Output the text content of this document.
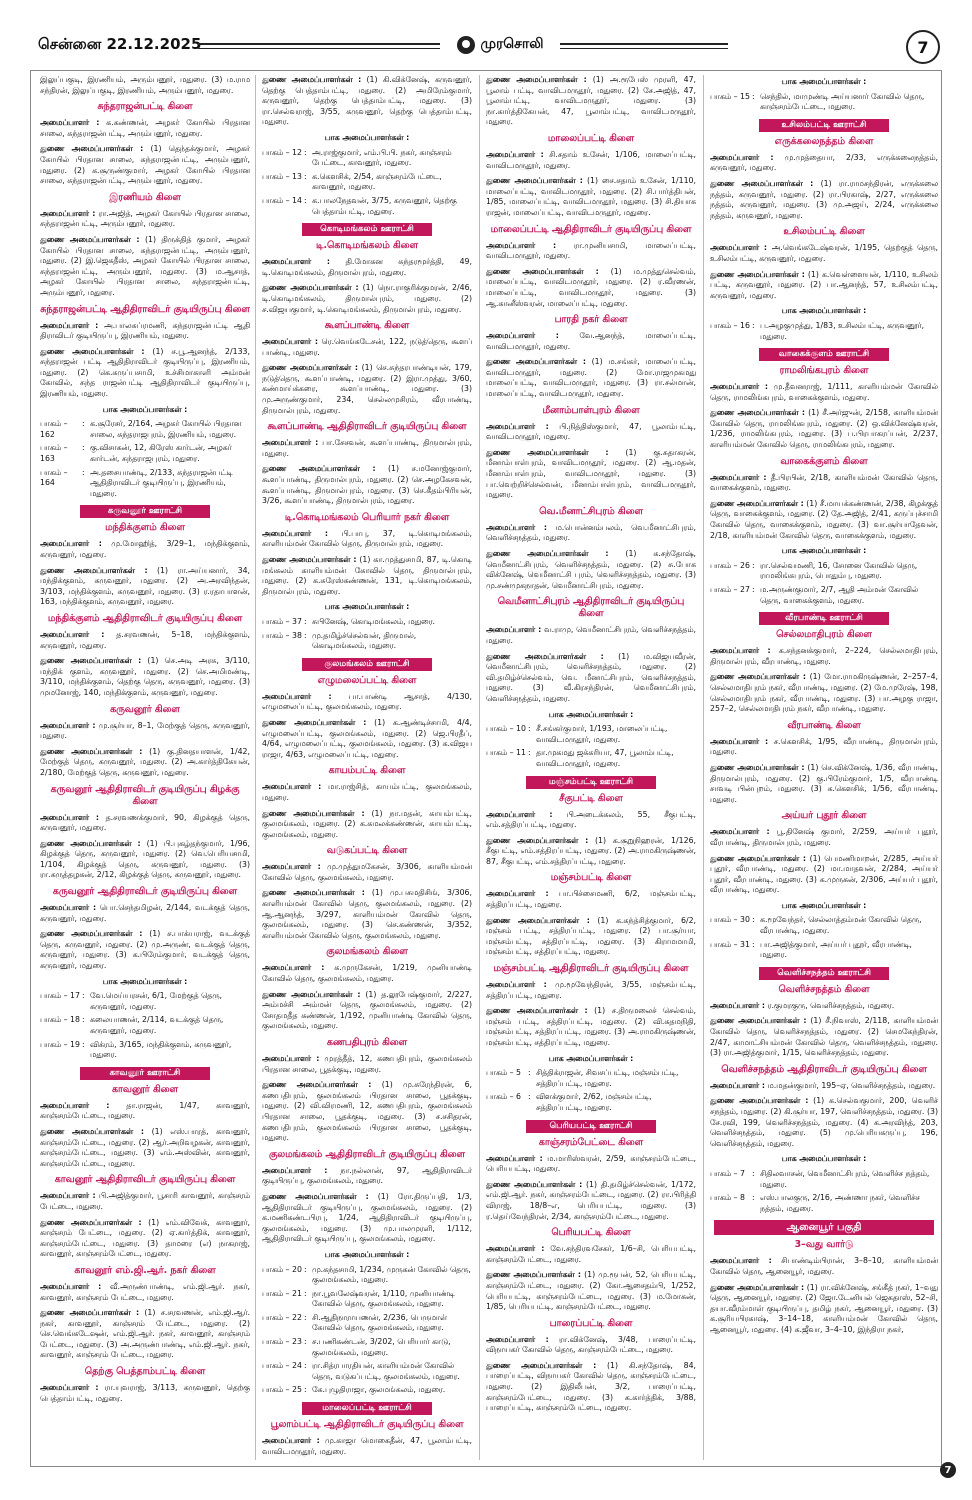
சென்னை 22.12.2025	முரசொலி	7

இலுப்பகுடி, இரணியம், அரும்பனூர், மதுரை. (3) ம.ராம சந்திரன், இலுப்பகுடி, இரணியம், அரும்பனூர், மதுரை.

சுந்தராஜன்பட்டி கிளை

அமைப்பாளர் : க.கண்ணன், அழகர் கோயில் பிரதான சாலை, சுந்தராஜன்பட்டி, அரும்பனூர், மதுரை.

துணை அமைப்பாளர்கள் : (1) தெந்தக்குமார், அழகர் கோயில் பிரதான சாலை, சுந்தராஜன்பட்டி, அரும்பனூர், மதுரை. (2) க.சூருண்குமார், அழகர் கோயில் பிரதான சாலை, சுந்தராஜன்பட்டி, அரும்பனூர், மதுரை.

இரணியம் கிளை

அமைப்பாளர் : ரா.அஜித், அழகர் கோயில் பிரதான சாலை, சுந்தராஜன்பட்டி, அரும்பனூர், மதுரை.

துணை அமைப்பாளர்கள் : (1) திருக்தித் குமார், அழகர் கோயில் பிரதான சாலை, சுந்தராஜன்பட்டி, அரும்பனூர், மதுரை. (2) இ.ஜெகதீஸ், அழகர் கோயில் பிரதான சாலை, சுந்தராஜன்பட்டி, அரும்பனூர், மதுரை. (3) ம.ஆசாத், அழகர் கோயில் பிரதான சாலை, சுந்தராஜன்பட்டி, அரும்பனூர், மதுரை.

சுந்தராஜன்பட்டி ஆதிதிராவிடர் குடியிருப்பு கிளை

அமைப்பாளர் : அ.பாலசுப்ரமணி, சுந்தராஜன்பட்டி ஆதி திராவிடர் குடியிருப்பு, இரணியம், மதுரை.

துணை அமைப்பாளர்கள் : (1) ச.பூ.ஆனந்த், 2/133, சுந்தராஜன் பட்டி ஆதிதிராவிடர் குடியிருப்பு, இரணியம், மதுரை. (2) கெ.கருப்பசாமி, உச்சிமாகாளி அம்மன் கோவில், சுந்த ராஜன்பட்டி ஆதிதிராவிடர் குடியிருப்பு, இரணியம், மதுரை.

பாக அமைப்பாளர்கள் :
பாகம் – 162
: க.சூரேசர், 2/164, அழகர் கோயில் பிரதான சாலை, சுந்தராஜபுரம், இரணியம், மதுரை.
பாகம் – 163
: கு.விசாகன், 12, கிரேஸ் கார்டன், அழகர் கார்டன், சுந்தராஜபுரம், மதுரை.
பாகம் – 164
: அ.தசையாண்டி, 2/133, சுந்தராஜன்பட்டி ஆதிதிராவிடர் குடியிருப்பு, இரணியம், மதுரை.
கருவனூர் ஊராட்சி
மந்திக்குளம் கிளை

அமைப்பாளர் : மு.மோஹித், 3/29–1, மந்திக்குளம், கருவனூர், மதுரை.

துணை அமைப்பாளர்கள் : (1) ரா.அய்யனார், 34, மந்திக்குளம், கருவனூர், மதுரை. (2) அ.அரவிந்தன், 3/103, மந்திக்குளம், கருவனூர், மதுரை. (3) ர.ரதாபாளன், 163, மந்திக்குளம், கருவனூர், மதுரை.

மந்திக்குளம் ஆதிதிராவிடர் குடியிருப்பு கிளை

அமைப்பாளர் : த.சரவணன், 5–18, மந்திக்குளம், கருவனூர், மதுரை.

துணை அமைப்பாளர்கள் : (1) செ.அடி அரசு, 3/110, மந்திக் குளம், கருவனூர், மதுரை. (2) செ.அமிமண்டி, 3/110, மந்திக்குளம், தெற்கு தெரு, கருவனூர், மதுரை. (3) முமனோஜ், 140, மந்திக்குளம், கருவனூர், மதுரை.

கருவனூர் கிளை

அமைப்பாளர் : மு.சூர்யா, 8–1, மேற்குத் தெரு, கருவனூர், மதுரை.

துணை அமைப்பாளர்கள் : (1) கு.தினதயாளன், 1/42, மேற்குத் தெரு, கருவனூர், மதுரை. (2) அ.கார்த்திகேயன், 2/180, மேற்குத் தெரு, கருவனூர், மதுரை.

கருவனூர் ஆதிதிராவிடர் குடியிருப்பு கிழக்கு கிளை

அமைப்பாளர் : த.சரவணக்குமார், 90, கிழக்குத் தெரு, கருவனூர், மதுரை.

துணை அமைப்பாளர்கள் : (1) பி.புகழ்தந்குமார், 1/96, கிழக்குத் தெரு, கருவனூர், மதுரை. (2) வெ.பெரியசாமி, 1/104, கிழக்குத் தெரு, கருவனூர், மதுரை. (3) ரா.கருத்தழகன், 2/12, கிழக்குத் தெரு, கருவனூர், மதுரை.

கருவனூர் ஆதிதிராவிடர் குடியிருப்பு கிளை

அமைப்பாளர் : பொ.செந்தமிழன், 2/144, வடக்குத் தெரு, கருவனூர், மதுரை.

துணை அமைப்பாளர்கள் : (1) ச.பாக்யராஜ், வடக்குத் தெரு, கருவனூர், மதுரை. (2) மு.அருண், வடக்குத் தெரு, கருவனூர், மதுரை. (3) க.பிரேம்குமார், வடக்குத் தெரு, கருவனூர், மதுரை.

பாக அமைப்பாளர்கள் :
பாகம் – 17 : வே.மெய்யரசன், 6/1, மேற்குத் தெரு, கருவனூர், மதுரை.
பாகம் – 18 : கலையாணன், 2/114, வடக்குத் தெரு, கருவனூர், மதுரை.
பாகம் – 19 : விக்ரம், 3/165, மந்திக்குளம், கருவனூர், மதுரை.
காவனூர் ஊராட்சி
காவனூர் கிளை

அமைப்பாளர் : தா.ராஜன், 1/47, காவனூர், காஞ்சரம்பேட்டை, மதுரை.

துணை அமைப்பாளர்கள் : (1) எஸ்.பாரத், காவனூர், காஞ்சரம்பேட்டை, மதுரை. (2) ஆர்.அறிவழகன், காவனூர், காஞ்சரம்பேட்டை, மதுரை. (3) எம்.அஸ்வின், காவனூர், காஞ்சரம்பேட்டை, மதுரை.

காவனூர் ஆதிதிராவிடர் குடியிருப்பு கிளை

அமைப்பாளர் : பி.அஜித்குமார், பூசாரி காவனூர், காஞ்சரம் பேட்டை, மதுரை.

துணை அமைப்பாளர்கள் : (1) எம்.விவேக், காவனூர், காஞ்சரம் பேட்டை, மதுரை. (2) ஏ.கார்த்திக், காவனூர், காஞ்சரம்பேட்டை, மதுரை. (3) தாமரை (எ) நாகராஜ், காவனூர், காஞ்சரம்பேட்டை, மதுரை.

காவனூர் எம்.ஜி.ஆர். நகர் கிளை

அமைப்பாளர் : வீ.அருண்பாண்டி, எம்.ஜி.ஆர். நகர், காவனூர், காஞ்சரம் பேட்டை, மதுரை.

துணை அமைப்பாளர்கள் : (1) ச.சரவணன், எம்.ஜி.ஆர். நகர், காவனூர், காஞ்சரம் பேட்டை, மதுரை. (2) செ.வெங்கடேஷன், எம்.ஜி.ஆர். நகர், காவனூர், காஞ்சரம் பேட்டை, மதுரை. (3) அ.அருண்பாண்டி, எம்.ஜி.ஆர். நகர், காவனூர், காஞ்சரம் பேட்டை, மதுரை.

தெற்கு பெத்தாம்பட்டி கிளை

அமைப்பாளர் : ரா.யுவராஜ், 3/113, கருவனூர், தெற்கு பெத்தாம்பட்டி, மதுரை.

துணை அமைப்பாளர்கள் : (1) கி.விக்னேஷ், கருவனூர், தெற்கு பெத்தாம்பட்டி, மதுரை. (2) அமிரேம்குமார், கருவனூர், தெற்கு பெத்தாம்பட்டி, மதுரை. (3) ரா.செல்வராஜ், 3/55, கருவனூர், தெற்கு பெத்தாம்பட்டி, மதுரை.

பாக அமைப்பாளர்கள் :
பாகம் – 12 : அ.ராஜ்குமார், எம்.பி.பி. நகர், காஞ்சரம் பேட்டை, காவனூர், மதுரை.
பாகம் – 13 : க.கெளசிக், 2/54, காஞ்சரம்பேட்டை, காவனூர், மதுரை.
பாகம் – 14 : க.பாலநேதவன், 3/75, கருவனூர், தெற்கு பெத்தாம்பட்டி, மதுரை.
கொடிமங்கலம் ஊராட்சி
டி.கொடிமங்கலம் கிளை

அமைப்பாளர் : தி.மோகன சுந்தரமூர்த்தி, 49, டி.கொடிமங்கலம், திருமால்புரம், மதுரை.

துணை அமைப்பாளர்கள் : (1) நொ.ராகுரிக்குமரன், 2/46, டி.கொடிமங்கலம், திருமால்புரம், மதுரை. (2) ச.விஜயகுமார், டி.கொடிமங்கலம், திருமால்புரம், மதுரை.

கூளப்பாண்டி கிளை

அமைப்பாளர் : ரெ.வெங்கடேசன், 122, நடுத்தெரு, கூளப் பாண்டி, மதுரை.

துணை அமைப்பாளர்கள் : (1) செ.சுந்தரபாண்டியன், 179, நடுத்தெரு, கூளப்பாண்டி, மதுரை. (2) இரா.முத்து, 3/60, கண்மாய்க்கரை, கூளப்பாண்டி, மதுரை. (3) மு.அருண்குமார், 234, செல்லமுசிரம், வீரபாண்டி, திருமால்புரம், மதுரை.

கூளப்பாண்டி ஆதிதிராவிடர் குடியிருப்பு கிளை

அமைப்பாளர் : பா.சேசவன், கூளப்பாண்டி, திருமால்புரம், மதுரை.

துணை அமைப்பாளர்கள் : (1) ச.மனோஜ்குமார், கூளப்பாண்டி, திருமால்புரம், மதுரை. (2) செ.அழகேசவன், கூளப்பாண்டி, திருமால்புரம், மதுரை. (3) செ.கீதம்பிரியன், 3/26, கூளப்பாண்டி, திருமால்புரம், மதுரை.

டி.கொடிமங்கலம் பெரியார் நகர் கிளை

அமைப்பாளர் : பி.பாபு, 37, டி.கொடிமங்கலம், காளியம்மன் கோவில் தெரு, திருமால்புரம், மதுரை.

துணை அமைப்பாளர்கள் : (1) கா.முத்துசாமி, 87, டி.கொடி மங்கலம் காளியம்மன் கோவில் தெரு, திருமால்புரம், மதுரை. (2) க.சுரேஸ்கண்ணன், 131, டி.கொடிமங்கலம், திருமால்புரம், மதுரை.

பாக அமைப்பாளர்கள் :
பாகம் – 37 : சுபினேஷ், கொடிமங்கலம், மதுரை.
பாகம் – 38 : மு.தமிழ்ச்செல்வன், திருமால், கொடிமங்கலம், மதுரை.
குலமங்கலம் ஊராட்சி
எழுமலைப்பட்டி கிளை

அமைப்பாளர் : பா.பாண்டி ஆசாத், 4/130, எழுமலைப்பட்டி, குலமங்கலம், மதுரை.

துணை அமைப்பாளர்கள் : (1) க.ஆண்டிச்சாமி, 4/4, எழுமலைப்பட்டி, குலமங்கலம், மதுரை. (2) ஜெ.பிரதீப், 4/64, எழுமலைப்பட்டி, குலமங்கலம், மதுரை. (3) க.விஜய ராஜா, 4/63, எழுமலைப்பட்டி, மதுரை.

காயம்பட்டி கிளை

அமைப்பாளர் : மா.ராஜ்சித், காயம்பட்டி, குலமங்கலம், மதுரை.

துணை அமைப்பாளர்கள் : (1) நா.மதன், காயம்பட்டி, குலமங்கலம், மதுரை. (2) க.கமலக்கண்ணன், காயம்பட்டி, குலமங்கலம், மதுரை.

வடுகப்பட்டி கிளை

அமைப்பாளர் : மு.முத்துமகேசன், 3/306, காளியம்மன் கோவில் தெரு, குலமங்கலம், மதுரை.

துணை அமைப்பாளர்கள் : (1) மு.பசுமதிசிங், 3/306, காளியம்மன் கோவில் தெரு, குலமங்கலம், மதுரை. (2) ஆ.ஆனந்த், 3/297, காளியம்மன் கோவில் தெரு, குலமங்கலம், மதுரை. (3) செ.கண்ணன், 3/352, காளியம்மன் கோவில் தெரு, குலமங்கலம், மதுரை.

குலமங்கலம் கிளை

அமைப்பாளர் : க.முருகேசன், 1/219, முனியாண்டி கோவில் தெரு, குலமங்கலம், மதுரை.

துணை அமைப்பாளர்கள் : (1) த.லூபேஷ்குமார், 2/227, அம்மச்சி அம்மன் தெரு, குலமங்கலம், மதுரை. (2) சோதமதீத கண்ணன், 1/192, முனியாண்டி கோவில் தெரு, குலமங்கலம், மதுரை.

கணபதிபுரம் கிளை

அமைப்பாளர் : முரத்தீத், 12, கணபதிபுரம், குலமங்கலம் பிரதான சாலை, பூதக்குடி, மதுரை.

துணை அமைப்பாளர்கள் : (1) மு.சுரேந்திரன், 6, கணபதிபுரம், குலமங்கலம் பிரதான சாலை, பூதக்குடி, மதுரை. (2) வி.விரமணி, 12, கணபதிபுரம், குலமங்கலம் பிரதான சாலை, பூதக்குடி, மதுரை. (3) ச.சசிதரன், கணபதிபுரம், குலமங்கலம் பிரதான சாலை, பூதக்குடி, மதுரை.

குலமங்கலம் ஆதிதிராவிடர் குடியிருப்பு கிளை

அமைப்பாளர் : நா.நல்லான், 97, ஆதிதிராவிடர் குடியிருப்பு, குலமங்கலம், மதுரை.

துணை அமைப்பாளர்கள் : (1) ரோ.திருப்பதி, 1/3, ஆதிதிராவிடர் குடியிருப்பு, குலமங்கலம், மதுரை. (2) க.மணிகண்டபிரபு, 1/24, ஆதிதிராவிடர் குடியிருப்பு, குலமங்கலம், மதுரை. (3) மு.பாலமுரளி, 1/112, ஆதிதிராவிடர் குடியிருப்பு, குலமங்கலம், மதுரை.

பாக அமைப்பாளர்கள் :
பாகம் – 20 : மு.கந்தசாமி, 1/234, முருகன் கோவில் தெரு, குலமங்கலம், மதுரை.
பாகம் – 21 : நா.பூவலேஷ்வரன், 1/110, முனியாண்டி கோவில் தெரு, குலமங்கலம், மதுரை.
பாகம் – 22 : சி.ஆதிநாராயணன், 2/236, பெருமாள் கோவில் தெரு, குலமங்கலம், மதுரை.
பாகம் – 23 : ச.பணிகண்டன், 3/202, பெரியார் காடு, குலமங்கலம், மதுரை.
பாகம் – 24 : ரா.சித்ரபாரதியன், காளியம்மன் கோவில் தெரு, வடுகப்பட்டி, குலமங்கலம், மதுரை.
பாகம் – 25 : கே.புழுதிராஜா, குலமங்கலம், மதுரை.
மாலைப்பட்டி ஊராட்சி
பூலாம்பட்டி ஆதிதிராவிடர் குடியிருப்பு கிளை

அமைப்பாளர் : மு.காஜா மொகைதீன், 47, பூலாம்பட்டி, வாவிடமருதூர், மதுரை.

துணை அமைப்பாளர்கள் : (1) அ.ரூபேஸ் முரளி, 47, பூலாம் பட்டி, வாவிடமருதூர், மதுரை. (2) சே.அஜித், 47, பூலாம்பட்டி, வாவிடமருதூர், மதுரை. (3) நா.கார்த்திகேயன், 47, பூலாம்பட்டி, வாவிடமருதூர், மதுரை.

மாலைப்பட்டி கிளை

அமைப்பாளர் : சி.சதாம் உசேன், 1/106, மாலைப்பட்டி, வாவிடமருதூர், மதுரை.

துணை அமைப்பாளர்கள் : (1) சை.சதாம் உசேன், 1/110, மாலைப்பட்டி, வாவிடமருதூர், மதுரை. (2) சி.பார்த்திபன், 1/85, மாலைப்பட்டி, வாவிடமருதூர், மதுரை. (3) சி.தியாக ராஜன், மாலைப்பட்டி, வாவிடமருதூர், மதுரை.

மாலைப்பட்டி ஆதிதிராவிடர் குடியிருப்பு கிளை

அமைப்பாளர் : ரா.முனியசாமி, மாலைப்பட்டி, வாவிடமருதூர், மதுரை.

துணை அமைப்பாளர்கள் : (1) ம.முத்துசெல்வம், மாலைப்பட்டி, வாவிடமருதூர், மதுரை. (2) ர.வீரணன், மாலைப்பட்டி, வாவிடமருதூர், மதுரை. (3) ஆ.கானீஸ்வரன், மாலைப்பட்டி, மதுரை.

பாரதி நகர் கிளை

அமைப்பாளர் :	வே.ஆனந்த், மாலைப்பட்டி, வாவிடமருதூர், மதுரை.

துணை அமைப்பாளர்கள் : (1) ம.சங்கர், மாலைப்பட்டி, வாவிடமருதூர், மதுரை. (2) மோ.ராஜமுகமது மாலைப்பட்டி, வாவிடமருதூர், மதுரை. (3) ரா.சல்மான், மாலைப்பட்டி, வாவிடமருதூர், மதுரை.

மீனாம்பாள்புரம் கிளை

அமைப்பாளர் : பி.நித்திஸ்குமார், 47, பூலாம்பட்டி, வாவிடமருதூர், மதுரை.

துணை அமைப்பாளர்கள் : (1) கு.சுதாகரன், மீனாம்பாள்புரம், வாவிடமருதூர், மதுரை. (2) ஆ.மதன், மீனாம்பாள்புரம், வாவிடமருதூர், மதுரை. (3) பா.வெற்றிச்செல்வன், மீனாம்பாள்புரம், வாவிடமருதூர், மதுரை.

வெ.மீனாட்சிபுரம் கிளை

அமைப்பாளர் : ம.பொன்னம்பலம், வெ.மீனாட்சிபுரம், வெளிச்சநத்தம், மதுரை.

துணை அமைப்பாளர்கள் : (1) க.சந்தோஷ், வெமீனாட்சிபுரம், வெளிச்சநத்தம், மதுரை. (2) சு.போக விக்னேஷ், வெமீனாட்சி புரம், வெளிச்சநத்தம், மதுரை. (3) மு.சண்முகநாதன், வெமீனாட்சிபுரம், மதுரை.

வெமீனாட்சிபுரம் ஆதிதிராவிடர் குடியிருப்பு கிளை

அமைப்பாளர் : வ.ராமு, வெமீனாட்சிபுரம், வெளிச்சநத்தம், மதுரை.

துணை அமைப்பாளர்கள் : (1) ம.விஜயவீரன், வெமீனாட்சிபுரம், வெளிச்சநத்தம், மதுரை. (2) வி.தமிழ்ச்செல்வம், வெ. மீனாட்சிபுரம், வெளிச்சநத்தம், மதுரை. (3) வீ.கிரசந்திரன், வெமீனாட்சிபுரம், வெளிச்சநத்தம், மதுரை.

பாக அமைப்பாளர்கள் :
பாகம் – 10 : சீ.சங்கர்குமார், 1/193, மாலைப்பட்டி, வாவிடமருதூர், மதுரை.
பாகம் – 11 : தா.முகமது ஜக்கரியா, 47, பூலாம்பட்டி, வாவிடமருதூர், மதுரை.
மஞ்சம்பட்டி ஊராட்சி
சீகுபட்டி கிளை

அமைப்பாளர் : பி.அடைக்கலம், 55, சீகுபட்டி, எம்.சத்திரப்பட்டி, மதுரை.

துணை அமைப்பாளர்கள் : (1) க.சூறுநிஹரன், 1/126, சீகுபட்டி, எம்.சத்திரப்பட்டி, மதுரை. (2) அ.ராமகிருஷ்ணன், 87, சீகுபட்டி, எம்.சத்திரப்பட்டி, மதுரை.

மஞ்சம்பட்டி கிளை

அமைப்பாளர் : பா.பிச்சைமணி, 6/2, மஞ்சம்பட்டி, சத்திரப்பட்டி, மதுரை.

துணை அமைப்பாளர்கள் : (1) க.கந்த்சித்குமார், 6/2, மஞ்சம் பட்டி, சத்திரப்பட்டி, மதுரை. (2) பா.சூர்யா, மஞ்சம்பட்டி, சத்திரப்பட்டி, மதுரை. (3) கிராமமாமி, மஞ்சம்பட்டி, சத்திரப்பட்டி, மதுரை.

மஞ்சம்பட்டி ஆதிதிராவிடர் குடியிருப்பு கிளை

அமைப்பாளர் : மு.மூவேந்திரன், 3/55, மஞ்சம்பட்டி, சத்திரப்பட்டி, மதுரை.

துணை அமைப்பாளர்கள் : (1) ச.திருமலைச் செல்வம், மஞ்சம் பட்டி, சத்திரப்பட்டி, மதுரை. (2) வி.கதமநிதி, மஞ்சம்பட்டி, சத்திரப்பட்டி, மதுரை. (3) அ.ராமகிருஷ்ணன், மஞ்சம்பட்டி, சத்திரப்பட்டி, மதுரை.

பாக அமைப்பாளர்கள் :
பாகம் – 5 : சித்திக்ராஜன், சிவசப்பட்டி, மஞ்சம்பட்டி, சத்திரப்பட்டி, மதுரை.
பாகம் – 6 : விளக்குமார், 2/62, மஞ்சம்பட்டி, சத்திரப்பட்டி, மதுரை.
பெரியபட்டி ஊராட்சி
காஞ்சரம்பேட்டை கிளை

அமைப்பாளர் : ம.மாரிஸ்வரன், 2/59, காஞ்சரம்பேட்டை, பெரியபட்டி, மதுரை.

துணை அமைப்பாளர்கள் : (1) தி.தமிழ்ச்செல்வன், 1/172, எம்.ஜி.ஆர். நகர், காஞ்சரம்பேட்டை, மதுரை. (2) ரா.பிரித்தி விராஜ், 18/8–எ, பெரியபட்டி, மதுரை. (3) ர.தெய்வேந்திரன், 2/34, காஞ்சரம்பேட்டை, மதுரை.

பெரியபட்டி கிளை

அமைப்பாளர் : வே.சந்திரவசேகர், 1/6–சி, பெரியபட்டி, காஞ்சரம்பேட்டை, மதுரை.

துணை அமைப்பாளர்கள் : (1) மு.ரூபன், 52, பெரியபட்டி, காஞ்சரம்பேட்டை, மதுரை. (2) கோ.ஆசைதம்பி, 1/252, பெரியபட்டி, காஞ்சரம்பேட்டை, மதுரை. (3) ம.மோகன், 1/85, பெரியபட்டி, காஞ்சரம்பேட்டை, மதுரை.

பாரைப்பட்டி கிளை

அமைப்பாளர் : ரா.விக்னேஷ், 3/48, பாரைப்பட்டி, விநாயகர் கோவில் தெரு, காஞ்சரம்பேட்டை, மதுரை.

துணை அமைப்பாளர்கள் : (1) கி.சந்தோஷ், 84, பாரைப்பட்டி, விநாயகர் கோவில் தெரு, காஞ்சரம்பேட்டை, மதுரை. (2) இதிலீபன், 3/2, பாரைப்பட்டி, காஞ்சரம்பேட்டை, மதுரை. (3) க.கார்த்திக், 3/88, பாரைப்பட்டி, காஞ்சரம்பேட்டை, மதுரை.

பாக அமைப்பாளர்கள் :
பாகம் – 15 : செந்தில், மாமுண்டி அய்யனார் கோவில் தெரு, காஞ்சரம்பேட்டை, மதுரை.
உசிலம்பட்டி ஊராட்சி
எருக்கலைநத்தம் கிளை

அமைப்பாளர் : மு.முத்தையா, 2/33, எருக்கலைநத்தம், கருவனூர், மதுரை.

துணை அமைப்பாளர்கள் : (1) ரா.ராமசந்திரன், எருக்கலை நத்தம், கருவனூர், மதுரை. (2) ரா.பிரகாஷ், 2/27, எருக்கலை நத்தம், கருவனூர், மதுரை. (3) மு.அஜய், 2/24, எருக்கலை நத்தம், கருவனூர், மதுரை.

உசிலம்பட்டி கிளை

அமைப்பாளர் : அ.வெங்கடேஷ்வரன், 1/195, தெற்குத் தெரு, உசிலம்பட்டி, கருவனூர், மதுரை.

துணை அமைப்பாளர்கள் : (1) க.வெள்ளையன், 1/110, உசிலம் பட்டி, கருவனூர், மதுரை. (2) பா.ஆனந்த், 57, உசிலம்பட்டி, கருவனூர், மதுரை.

பாக அமைப்பாளர்கள் :
பாகம் – 16 : ப.அழகுமுத்து, 1/83, உசிலம்பட்டி, கருவனூர், மதுரை.
வாகைக்குளம் ஊராட்சி
ராமலிங்கபுரம் கிளை

அமைப்பாளர் : மு.தீவனராஜ், 1/111, காளியம்மன் கோவில் தெரு, ராமலிங்கபுரம், வாகைக்குளம், மதுரை.

துணை அமைப்பாளர்கள் : (1) சீ.அர்ஜுன், 2/158, காளியம்மன் கோவில் தெரு, ராமலிங்கபுரம், மதுரை. (2) ஒ.விக்னேஷ்வரன், 1/236, ராமலிங்கபுரம், மதுரை. (3) ப.பிரபாகரப்பன், 2/237, காளியம்மன் கோவில் தெரு, ராமலிங்கபுரம், மதுரை.

வாகைக்குளம் கிளை

அமைப்பாளர் : தீ.பிரபின், 2/18, காளியம்மன் கோவில் தெரு, வாகைக்குளம், மதுரை.

துணை அமைப்பாளர்கள் : (1) சீ.மாயக்கண்ணன், 2/38, கிழக்குத் தெரு, வாகைக்குளம், மதுரை. (2) தே.அஜித், 2/41, கருப்புச்சாமி கோவில் தெரு, வாகைக்குளம், மதுரை. (3) வா.சூர்யாதேவன், 2/18, காளியம்மன் கோவில் தெரு, வாகைக்குளம், மதுரை.

பாக அமைப்பாளர்கள் :
பாகம் – 26 : ரா.செல்வமணி, 16, சோனை கோவில் தெரு, ராமலிங்கபுரம், பொதும்பு, மதுரை.
பாகம் – 27 : ம.அருண்குமார், 2/7, ஆதி அம்மன் கோவில் தெரு, வாகைக்குளம், மதுரை.
வீரபாண்டி ஊராட்சி
செல்லமாதிபுரம் கிளை

அமைப்பாளர் : க.சந்தனக்குமார், 2–224, செல்லமாதிபுரம், திருமால்புரம், வீரபாண்டி, மதுரை.

துணை அமைப்பாளர்கள் : (1) மோ.ராமகிருஷ்ணன், 2–257–4, செல்லமாதிபுரம் நகர், வீரபாண்டி, மதுரை. (2) மே.முரேஷ், 198, செல்லமாதிபுரம் நகர், வீரபாண்டி, மதுரை. (3) பா.அழகு ராஜா, 257–2, செல்லமாதிபுரம் நகர், வீரபாண்டி, மதுரை.

வீரபாண்டி கிளை

அமைப்பாளர் : ச.கௌசிக், 1/95, வீரபாண்டி, திருமால்புரம், மதுரை.

துணை அமைப்பாளர்கள் : (1) செ.விக்னேஷ், 1/36, வீரபாண்டி, திருமால்புரம், மதுரை. (2) கு.பிரேம்குமார், 1/5, வீரபாண்டி சாவடி பின்புறம், மதுரை. (3) க.கௌசிக், 1/56, வீரபாண்டி, மதுரை.

அய்யர் புதூர் கிளை

அமைப்பாளர் : பூ.தினேஷ் குமார், 2/259, அய்யர் புதூர், வீரபாண்டி, திருமால்புரம், மதுரை.

துணை அமைப்பாளர்கள் : (1) பெமணிமாறன், 2/285, அய்யர் புதூர், வீரபாண்டி, மதுரை. (2) மா.மாதவன், 2/284, அய்யர் புதூர், வீரபாண்டி, மதுரை. (3) க.முருகன், 2/306, அய்யர் புதூர், வீரபாண்டி, மதுரை.

பாக அமைப்பாளர்கள் :
பாகம் – 30 : க.மூவேந்தர், செல்லாத்தம்மன் கோவில் தெரு, வீரபாண்டி, மதுரை.
பாகம் – 31 : பா.அஜித்குமார், அய்யர் புதூர், வீரபாண்டி, மதுரை.
வெளிச்சநத்தம் ஊராட்சி
வெளிச்சநத்தம் கிளை

அமைப்பாளர் : ர.குமரகுரு, வெளிச்சநத்தம், மதுரை.

துணை அமைப்பாளர்கள் : (1) சீ.நிவாஸ், 2/118, காளியம்மன் கோவில் தெரு, வெளிச்சநத்தம், மதுரை. (2) செமகேந்திரன், 2/47, காமாட்சியம்மன் கோவில் தெரு, வெளிச்சநத்தம், மதுரை. (3) ரா.அஜித்குமார், 1/15, வெளிச்சநத்தம், மதுரை.

வெளிச்சநத்தம் ஆதிதிராவிடர் குடியிருப்பு கிளை

அமைப்பாளர் : ம.மதன்குமார், 195–ஏ, வெளிச்சநத்தம், மதுரை.

துணை அமைப்பாளர்கள் : (1) க.செல்வகுமார், 200, வெளிச் சநத்தம், மதுரை. (2) கி.சூர்யா, 197, வெளிச்சநத்தம், மதுரை. (3) சே.ரவி, 199, வெளிச்சநத்தம், மதுரை. (4) க.அரவிந்த், 203, வெளிச்சநத்தம், மதுரை. (5) மு.பெரியகருப்பு, 196, வெளிச்சநத்தம், மதுரை.

பாக அமைப்பாளர்கள் :
பாகம் – 7 : சிதிலவாசன், வெமீனாட்சிபுரம், வெளிச்ச நத்தம், மதுரை.
பாகம் – 8 : எஸ்.பாலகுரு, 2/16, அண்ணா நகர், வெளிச்ச நத்தம், மதுரை.
ஆனையூர் பகுதி
3–வது வார்டு

அமைப்பாளர் : சிபாண்டிம்பிரான், 3–8–10, காளியம்மன் கோவில் தெரு, ஆனையூர், மதுரை.

துணை அமைப்பாளர்கள் : (1) ரா.விக்னேஷ், சங்கீத் நகர், 1–வது தெரு, ஆனையூர், மதுரை. (2) ஜோ.டேனியல் ஜெகதாஸ், 52–சி, தயா.வீரம்மாள் குடியிருப்பு, தமிழ் நகர், ஆனையூர், மதுரை. (3) க.சூரியபிரகாஷ், 3–14–18, காளியம்மன் கோவில் தெரு, ஆனையூர், மதுரை. (4) க.ஜீவா, 3–4–10, இந்திரா நகர்,

7
